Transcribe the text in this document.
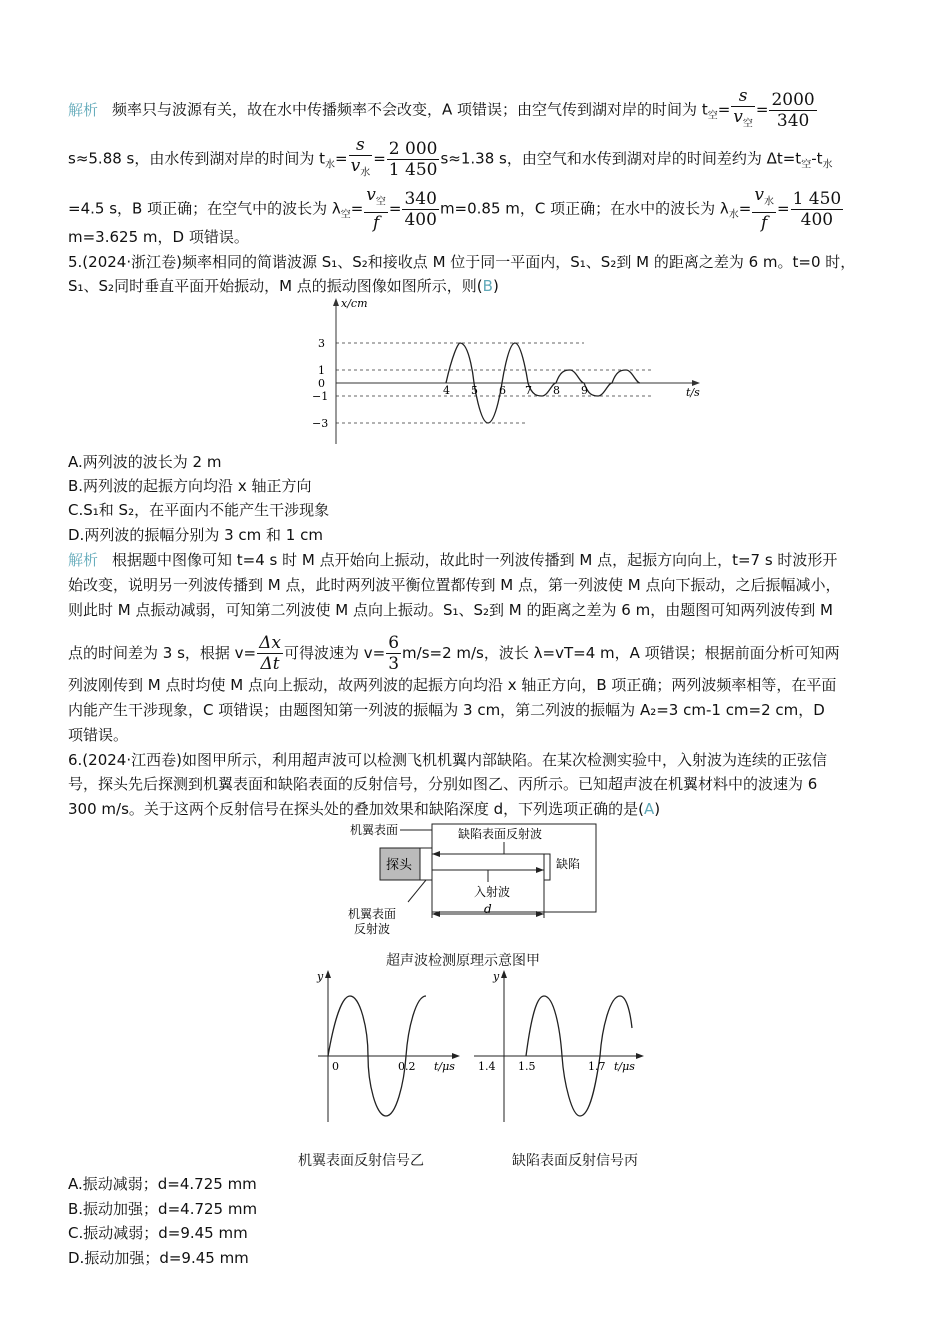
解析 频率只与波源有关，故在水中传播频率不会改变，A 项错误；由空气传到湖对岸的时间为 $t_空= \frac{s}{v_空} = \frac{2000}{340}$
s≈5.88 s，由水传到湖对岸的时间为 $t_水= \frac{s}{v_水} = \frac{2 000}{1 450} s\approx 1.38$ s，由空气和水传到湖对岸的时间差约为 $\Delta t=t_空-t_水$
=4.5 s，B 项正确；在空气中的波长为 $\lambda_空= \frac{v_空}{f} = \frac{340}{400} m=0.85$ m，C 项正确；在水中的波长为 $\lambda_水= \frac{v_水}{f} = \frac{1 450}{400}$
m=3.625 m，D 项错误。
5.(2024·浙江卷)频率相同的简谐波源 S₁、S₂和接收点 M 位于同一平面内，S₁、S₂到 M 的距离之差为 6 m。t=0 时，
S₁、S₂同时垂直平面开始振动，M 点的振动图像如图所示，则(B)
x/cm
t/s
3
1
0
−1
−3
4 5 6 7 8 9
A.两列波的波长为 2 m
B.两列波的起振方向均沿 x 轴正方向
C.S₁和 S₂，在平面内不能产生干涉现象
D.两列波的振幅分别为 3 cm 和 1 cm
解析 根据题中图像可知 t=4 s 时 M 点开始向上振动，故此时一列波传播到 M 点，起振方向向上，t=7 s 时波形开
始改变，说明另一列波传播到 M 点，此时两列波平衡位置都传到 M 点，第一列波使 M 点向下振动，之后振幅减小，
则此时 M 点振动减弱，可知第二列波使 M 点向上振动。S₁、S₂到 M 的距离之差为 6 m，由题图可知两列波传到 M
点的时间差为 3 s，根据 $v= \frac{\Delta x}{\Delta t}$ 可得波速为 $v= \frac{6}{3} m/s=2$ m/s，波长 λ=vT=4 m，A 项错误；根据前面分析可知两
列波刚传到 M 点时均使 M 点向上振动，故两列波的起振方向均沿 x 轴正方向，B 项正确；两列波频率相等，在平面
内能产生干涉现象，C 项错误；由题图知第一列波的振幅为 3 cm，第二列波的振幅为 A₂=3 cm-1 cm=2 cm，D
项错误。
6.(2024·江西卷)如图甲所示，利用超声波可以检测飞机机翼内部缺陷。在某次检测实验中，入射波为连续的正弦信
号，探头先后探测到机翼表面和缺陷表面的反射信号，分别如图乙、丙所示。已知超声波在机翼材料中的波速为 6
300 m/s。关于这两个反射信号在探头处的叠加效果和缺陷深度 d，下列选项正确的是(A)
机翼表面	缺陷表面反射波
探头	缺陷
入射波
d
机翼表面
反射波
超声波检测原理示意图甲
y
0	0.2 t/μs
y
1.4 1.5	1.7 t/μs
机翼表面反射信号乙	缺陷表面反射信号丙
A.振动减弱；d=4.725 mm
B.振动加强；d=4.725 mm
C.振动减弱；d=9.45 mm
D.振动加强；d=9.45 mm
